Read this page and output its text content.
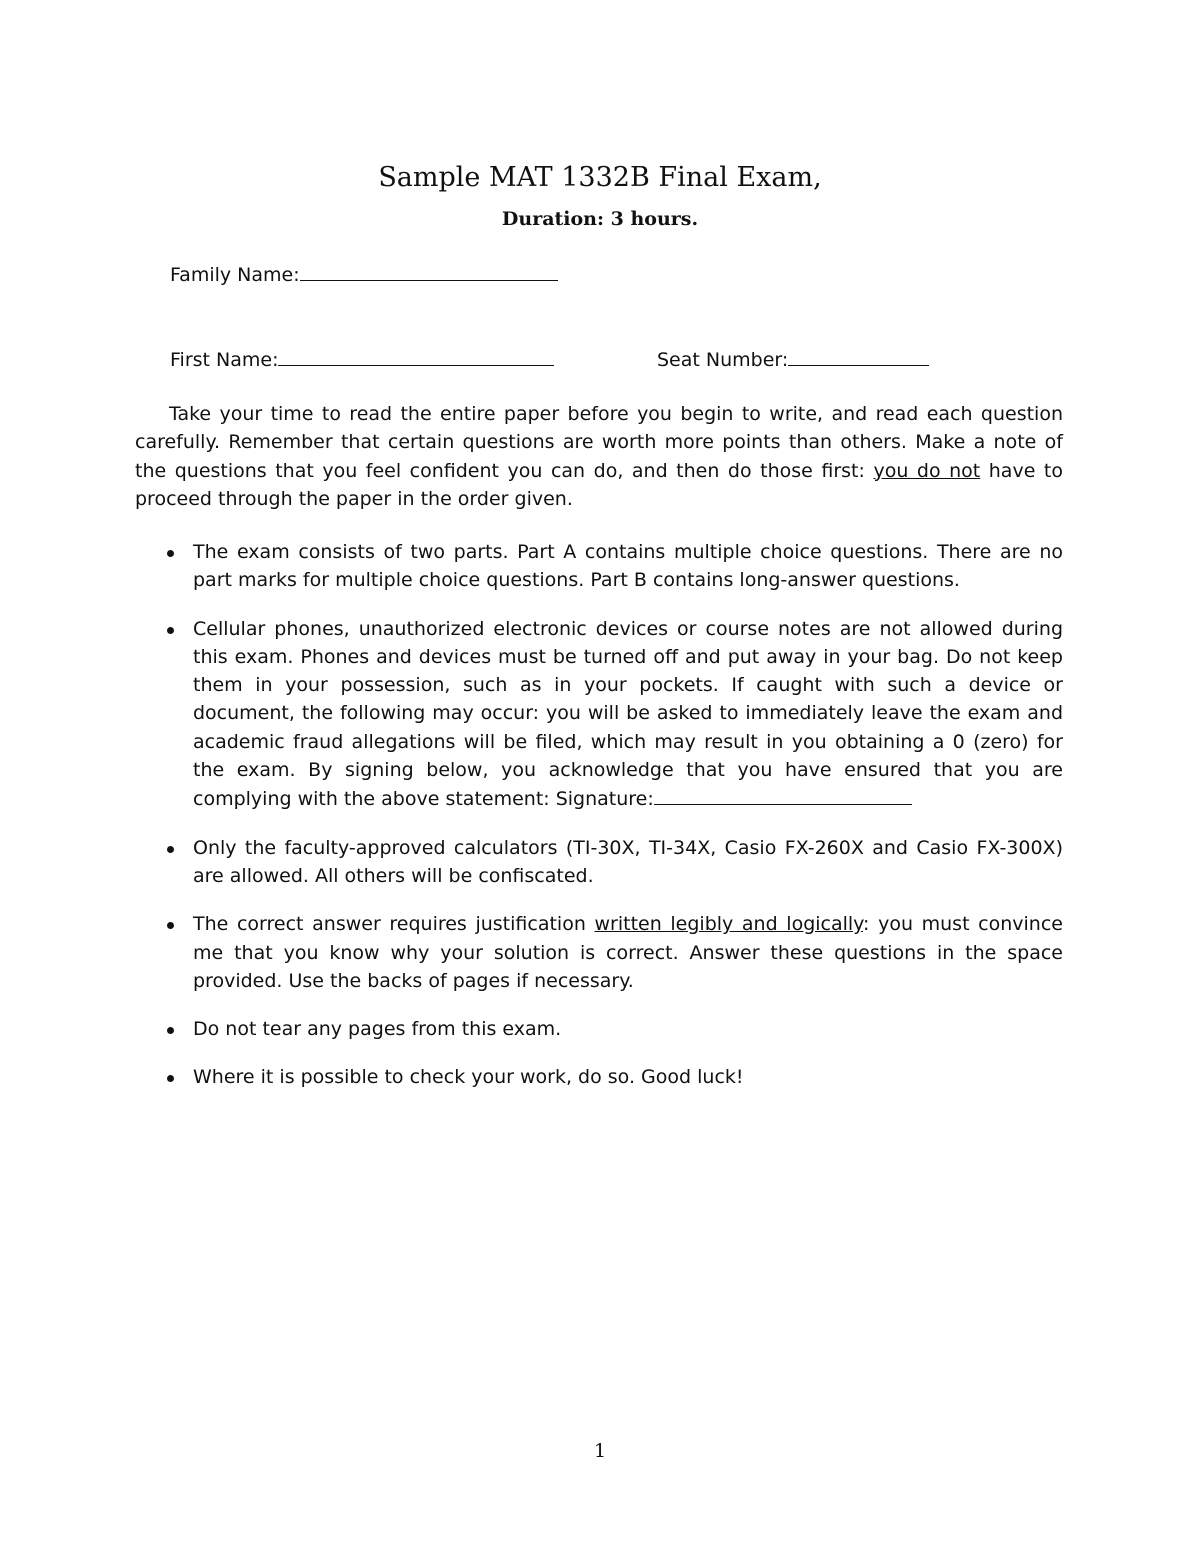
Sample MAT 1332B Final Exam,
Duration: 3 hours.
Family Name:
First Name:	Seat Number:
Take your time to read the entire paper before you begin to write, and read each question carefully. Remember that certain questions are worth more points than others. Make a note of the questions that you feel confident you can do, and then do those first: you do not have to proceed through the paper in the order given.
The exam consists of two parts. Part A contains multiple choice questions. There are no part marks for multiple choice questions. Part B contains long-answer questions.
Cellular phones, unauthorized electronic devices or course notes are not allowed during this exam. Phones and devices must be turned off and put away in your bag. Do not keep them in your possession, such as in your pockets. If caught with such a device or document, the following may occur: you will be asked to immediately leave the exam and academic fraud allegations will be filed, which may result in you obtaining a 0 (zero) for the exam. By signing below, you acknowledge that you have ensured that you are complying with the above statement: Signature:
Only the faculty-approved calculators (TI-30X, TI-34X, Casio FX-260X and Casio FX-300X) are allowed. All others will be confiscated.
The correct answer requires justification written legibly and logically: you must convince me that you know why your solution is correct. Answer these questions in the space provided. Use the backs of pages if necessary.
Do not tear any pages from this exam.
Where it is possible to check your work, do so. Good luck!
1
